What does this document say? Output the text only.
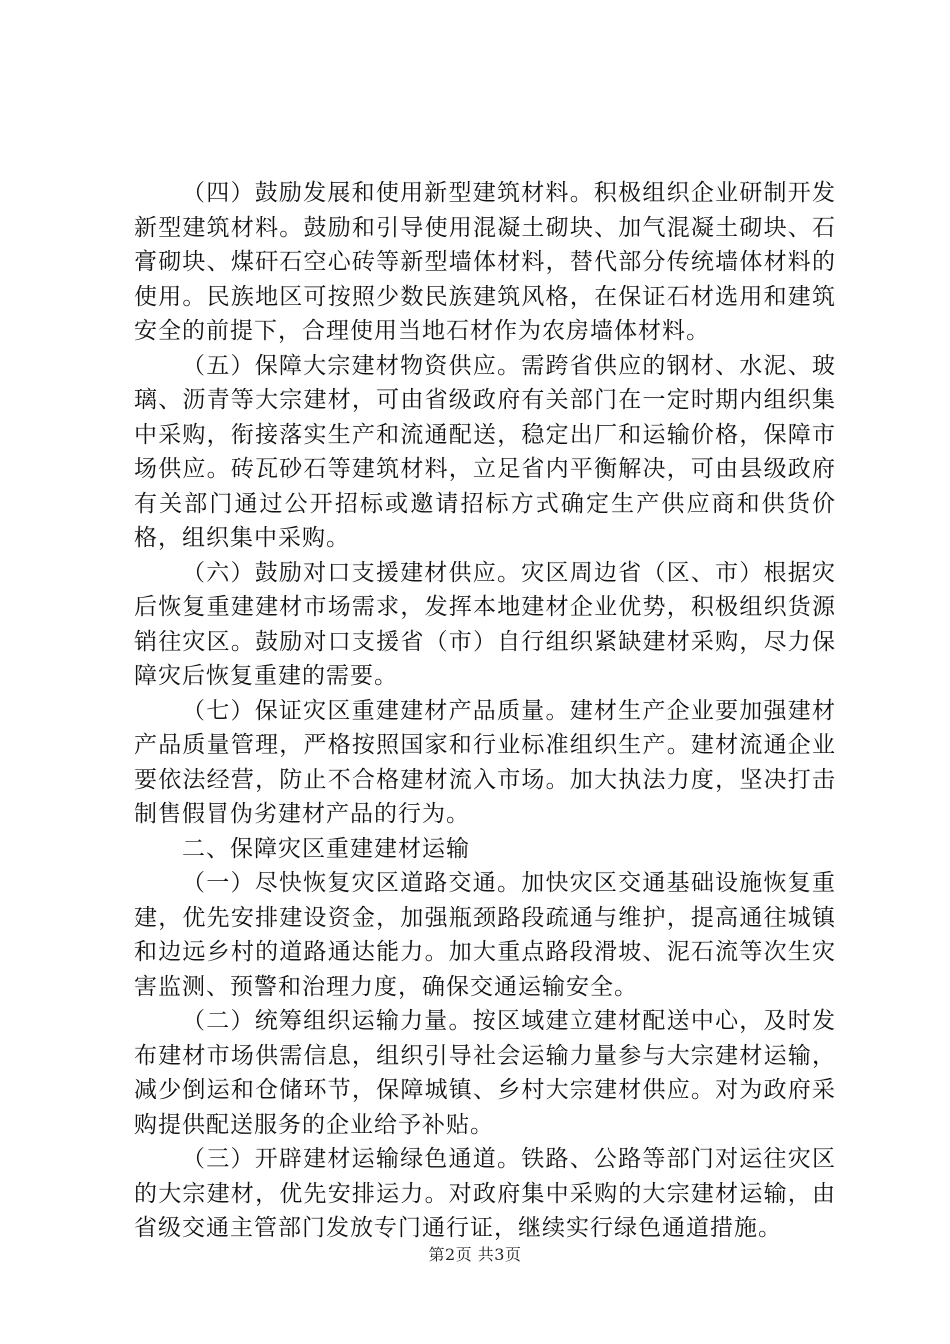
（四）鼓励发展和使用新型建筑材料。积极组织企业研制开发新型建筑材料。鼓励和引导使用混凝土砌块、加气混凝土砌块、石膏砌块、煤矸石空心砖等新型墙体材料，替代部分传统墙体材料的使用。民族地区可按照少数民族建筑风格，在保证石材选用和建筑安全的前提下，合理使用当地石材作为农房墙体材料。

（五）保障大宗建材物资供应。需跨省供应的钢材、水泥、玻璃、沥青等大宗建材，可由省级政府有关部门在一定时期内组织集中采购，衔接落实生产和流通配送，稳定出厂和运输价格，保障市场供应。砖瓦砂石等建筑材料，立足省内平衡解决，可由县级政府有关部门通过公开招标或邀请招标方式确定生产供应商和供货价格，组织集中采购。

（六）鼓励对口支援建材供应。灾区周边省（区、市）根据灾后恢复重建建材市场需求，发挥本地建材企业优势，积极组织货源销往灾区。鼓励对口支援省（市）自行组织紧缺建材采购，尽力保障灾后恢复重建的需要。

（七）保证灾区重建建材产品质量。建材生产企业要加强建材产品质量管理，严格按照国家和行业标准组织生产。建材流通企业要依法经营，防止不合格建材流入市场。加大执法力度，坚决打击制售假冒伪劣建材产品的行为。

二、保障灾区重建建材运输

（一）尽快恢复灾区道路交通。加快灾区交通基础设施恢复重建，优先安排建设资金，加强瓶颈路段疏通与维护，提高通往城镇和边远乡村的道路通达能力。加大重点路段滑坡、泥石流等次生灾害监测、预警和治理力度，确保交通运输安全。

（二）统筹组织运输力量。按区域建立建材配送中心，及时发布建材市场供需信息，组织引导社会运输力量参与大宗建材运输，减少倒运和仓储环节，保障城镇、乡村大宗建材供应。对为政府采购提供配送服务的企业给予补贴。

（三）开辟建材运输绿色通道。铁路、公路等部门对运往灾区的大宗建材，优先安排运力。对政府集中采购的大宗建材运输，由省级交通主管部门发放专门通行证，继续实行绿色通道措施。

第2页 共3页
